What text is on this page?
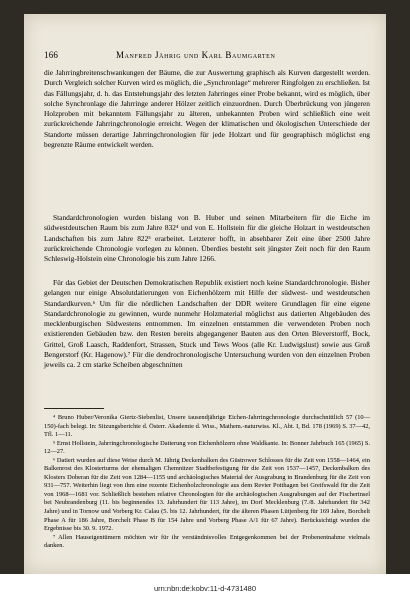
166	Manfred Jährig und Karl Baumgarten

die Jahrringbreitenschwankungen der Bäume, die zur Auswertung graphisch als Kurven dargestellt werden. Durch Vergleich solcher Kurven wird es möglich, die „Synchronlage“ mehrerer Ringfolgen zu erschließen. Ist das Fällungsjahr, d. h. das Entstehungsjahr des letzten Jahrringes einer Probe bekannt, wird es möglich, über solche Synchronlage die Jahrringe anderer Hölzer zeitlich einzuordnen. Durch Überbrückung von jüngeren Holzproben mit bekanntem Fällungsjahr zu älteren, unbekannten Proben wird schließlich eine weit zurückreichende Jahrringchronologie erreicht. Wegen der klimatischen und ökologischen Unterschiede der Standorte müssen derartige Jahrringchronologien für jede Holzart und für geographisch möglichst eng begrenzte Räume entwickelt werden.

Standardchronologien wurden bislang von B. Huber und seinen Mitarbeitern für die Eiche im südwestdeutschen Raum bis zum Jahre 832⁴ und von E. Hollstein für die gleiche Holzart in westdeutschen Landschaften bis zum Jahre 822⁵ erarbeitet. Letzterer hofft, in absehbarer Zeit eine über 2500 Jahre zurückreichende Chronologie vorlegen zu können. Überdies besteht seit jüngster Zeit noch für den Raum Schleswig-Holstein eine Chronologie bis zum Jahre 1266.

Für das Gebiet der Deutschen Demokratischen Republik existiert noch keine Standardchronologie. Bisher gelangen nur einige Absolutdatierungen von Eichenhölzern mit Hilfe der südwest- und westdeutschen Standardkurven.⁶ Um für die nördlichen Landschaften der DDR weitere Grundlagen für eine eigene Standardchronologie zu gewinnen, wurde nunmehr Holzmaterial möglichst aus datierten Altgebäuden des mecklenburgischen Südwestens entnommen. Im einzelnen entstammen die verwendeten Proben noch existierenden Gebäuden bzw. den Resten bereits abgegangener Bauten aus den Orten Bleverstorff, Bock, Grittel, Groß Laasch, Raddenfort, Strassen, Stuck und Tews Woos (alle Kr. Ludwigslust) sowie aus Groß Bengerstorf (Kr. Hagenow).⁷ Für die dendrochronologische Untersuchung wurden von den einzelnen Proben jeweils ca. 2 cm starke Scheiben abgeschnitten

⁴ Bruno Huber/Veronika Giertz-Siebenlist, Unsere tausendjährige Eichen-Jahrringchronologie durchschnittlich 57 (10—150)-fach belegt. In: Sitzungsberichte d. Österr. Akademie d. Wiss., Mathem.-naturwiss. Kl., Abt. I, Bd. 178 (1969) S. 37—42, Tfl. 1—11.

⁵ Ernst Hollstein, Jahrringchronologische Datierung von Eichenhölzern ohne Waldkante. In: Bonner Jahrbuch 165 (1965) S. 12—27.

⁶ Datiert wurden auf diese Weise durch M. Jährig Deckenbalken des Güstrower Schlosses für die Zeit von 1558—1464, ein Balkenrost des Klosterturms der ehemaligen Chemnitzer Stadtbefestigung für die Zeit von 1537—1457, Deckenbalken des Klosters Doberan für die Zeit von 1284—1155 und archäologisches Material der Ausgrabung in Brandenburg für die Zeit von 931—757. Weiterhin liegt von ihm eine rezente Eichenholzchronologie aus dem Revier Potthagen bei Greifswald für die Zeit von 1968—1681 vor. Schließlich bestehen relative Chronologien für die archäologischen Ausgrabungen auf der Fischerinsel bei Neubrandenburg (11. bis beginnendes 13. Jahrhundert für 113 Jahre), im Dorf Mecklenburg (7./8. Jahrhundert für 342 Jahre) und in Tornow und Vorberg Kr. Calau (5. bis 12. Jahrhundert, für die älteren Phasen Lütjenberg für 169 Jahre, Borchelt Phase A für 186 Jahre, Borchelt Phase B für 154 Jahre und Vorberg Phase A/1 für 67 Jahre). Berücksichtigt wurden die Ergebnisse bis 30. 9. 1972.

⁷ Allen Hauseigentümern möchten wir für ihr verständnisvolles Entgegenkommen bei der Probenentnahme vielmals danken.

urn:nbn:de:kobv:11-d-4731480
